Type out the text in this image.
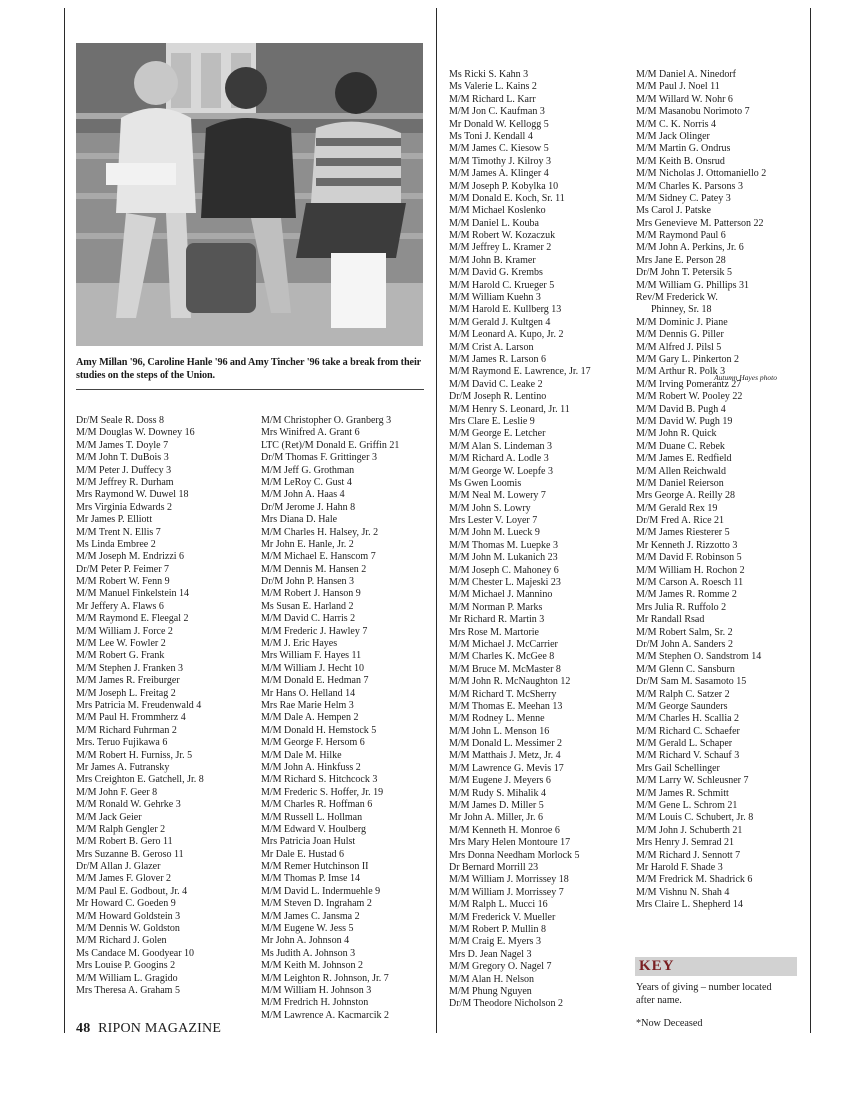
Amy Millan '96, Caroline Hanle '96 and Amy Tincher '96 take a break from their studies on the steps of the Union.	Autumn Hayes photo
Dr/M Seale R. Doss 8
M/M Douglas W. Downey 16
M/M James T. Doyle 7
M/M John T. DuBois 3
M/M Peter J. Duffecy 3
M/M Jeffrey R. Durham
Mrs Raymond W. Duwel 18
Mrs Virginia Edwards 2
Mr James P. Elliott
M/M Trent N. Ellis 7
Ms Linda Embree 2
M/M Joseph M. Endrizzi 6
Dr/M Peter P. Feimer 7
M/M Robert W. Fenn 9
M/M Manuel Finkelstein 14
Mr Jeffery A. Flaws 6
M/M Raymond E. Fleegal 2
M/M William J. Force 2
M/M Lee W. Fowler 2
M/M Robert G. Frank
M/M Stephen J. Franken 3
M/M James R. Freiburger
M/M Joseph L. Freitag 2
Mrs Patricia M. Freudenwald 4
M/M Paul H. Frommherz 4
M/M Richard Fuhrman 2
Mrs. Teruo Fujikawa 6
M/M Robert H. Furniss, Jr. 5
Mr James A. Futransky
Mrs Creighton E. Gatchell, Jr. 8
M/M John F. Geer 8
M/M Ronald W. Gehrke 3
M/M Jack Geier
M/M Ralph Gengler 2
M/M Robert B. Gero 11
Mrs Suzanne B. Geroso 11
Dr/M Allan J. Glazer
M/M James F. Glover 2
M/M Paul E. Godbout, Jr. 4
Mr Howard C. Goeden 9
M/M Howard Goldstein 3
M/M Dennis W. Goldston
M/M Richard J. Golen
Ms Candace M. Goodyear 10
Mrs Louise P. Googins 2
M/M William L. Gragido
Mrs Theresa A. Graham 5
M/M Christopher O. Granberg 3
Mrs Winifred A. Grant 6
LTC (Ret)/M Donald E. Griffin 21
Dr/M Thomas F. Grittinger 3
M/M Jeff G. Grothman
M/M LeRoy C. Gust 4
M/M John A. Haas 4
Dr/M Jerome J. Hahn 8
Mrs Diana D. Hale
M/M Charles H. Halsey, Jr. 2
Mr John E. Hanle, Jr. 2
M/M Michael E. Hanscom 7
M/M Dennis M. Hansen 2
Dr/M John P. Hansen 3
M/M Robert J. Hanson 9
Ms Susan E. Harland 2
M/M David C. Harris 2
M/M Frederic J. Hawley 7
M/M J. Eric Hayes
Mrs William F. Hayes 11
M/M William J. Hecht 10
M/M Donald E. Hedman 7
Mr Hans O. Helland 14
Mrs Rae Marie Helm 3
M/M Dale A. Hempen 2
M/M Donald H. Hemstock 5
M/M George F. Hersom 6
M/M Dale M. Hilke
M/M John A. Hinkfuss 2
M/M Richard S. Hitchcock 3
M/M Frederic S. Hoffer, Jr. 19
M/M Charles R. Hoffman 6
M/M Russell L. Hollman
M/M Edward V. Houlberg
Mrs Patricia Joan Hulst
Mr Dale E. Hustad 6
M/M Remer Hutchinson II
M/M Thomas P. Imse 14
M/M David L. Indermuehle 9
M/M Steven D. Ingraham 2
M/M James C. Jansma 2
M/M Eugene W. Jess 5
Mr John A. Johnson 4
Ms Judith A. Johnson 3
M/M Keith M. Johnson 2
M/M Leighton R. Johnson, Jr. 7
M/M William H. Johnson 3
M/M Fredrich H. Johnston
M/M Lawrence A. Kacmarcik 2
Ms Ricki S. Kahn 3
Ms Valerie L. Kains 2
M/M Richard L. Karr
M/M Jon C. Kaufman 3
Mr Donald W. Kellogg 5
Ms Toni J. Kendall 4
M/M James C. Kiesow 5
M/M Timothy J. Kilroy 3
M/M James A. Klinger 4
M/M Joseph P. Kobylka 10
M/M Donald E. Koch, Sr. 11
M/M Michael Koslenko
M/M Daniel L. Kouba
M/M Robert W. Kozaczuk
M/M Jeffrey L. Kramer 2
M/M John B. Kramer
M/M David G. Krembs
M/M Harold C. Krueger 5
M/M William Kuehn 3
M/M Harold E. Kullberg 13
M/M Gerald J. Kultgen 4
M/M Leonard A. Kupo, Jr. 2
M/M Crist A. Larson
M/M James R. Larson 6
M/M Raymond E. Lawrence, Jr. 17
M/M David C. Leake 2
Dr/M Joseph R. Lentino
M/M Henry S. Leonard, Jr. 11
Mrs Clare E. Leslie 9
M/M George E. Letcher
M/M Alan S. Lindeman 3
M/M Richard A. Lodle 3
M/M George W. Loepfe 3
Ms Gwen Loomis
M/M Neal M. Lowery 7
M/M John S. Lowry
Mrs Lester V. Loyer 7
M/M John M. Lueck 9
M/M Thomas M. Luepke 3
M/M John M. Lukanich 23
M/M Joseph C. Mahoney 6
M/M Chester L. Majeski 23
M/M Michael J. Mannino
M/M Norman P. Marks
Mr Richard R. Martin 3
Mrs Rose M. Martorie
M/M Michael J. McCarrier
M/M Charles K. McGee 8
M/M Bruce M. McMaster 8
M/M John R. McNaughton 12
M/M Richard T. McSherry
M/M Thomas E. Meehan 13
M/M Rodney L. Menne
M/M John L. Menson 16
M/M Donald L. Messimer 2
M/M Matthais J. Metz, Jr. 4
M/M Lawrence G. Mevis 17
M/M Eugene J. Meyers 6
M/M Rudy S. Mihalik 4
M/M James D. Miller 5
Mr John A. Miller, Jr. 6
M/M Kenneth H. Monroe 6
Mrs Mary Helen Montoure 17
Mrs Donna Needham Morlock 5
Dr Bernard Morrill 23
M/M William J. Morrissey 18
M/M William J. Morrissey 7
M/M Ralph L. Mucci 16
M/M Frederick V. Mueller
M/M Robert P. Mullin 8
M/M Craig E. Myers 3
Mrs D. Jean Nagel 3
M/M Gregory O. Nagel 7
M/M Alan H. Nelson
M/M Phung Nguyen
Dr/M Theodore Nicholson 2
M/M Daniel A. Ninedorf
M/M Paul J. Noel 11
M/M Willard W. Nohr 6
M/M Masanobu Norimoto 7
M/M C. K. Norris 4
M/M Jack Olinger
M/M Martin G. Ondrus
M/M Keith B. Onsrud
M/M Nicholas J. Ottomaniello 2
M/M Charles K. Parsons 3
M/M Sidney C. Patey 3
Ms Carol J. Patske
Mrs Genevieve M. Patterson 22
M/M Raymond Paul 6
M/M John A. Perkins, Jr. 6
Mrs Jane E. Person 28
Dr/M John T. Petersik 5
M/M William G. Phillips 31
Rev/M Frederick W.
Phinney, Sr. 18
M/M Dominic J. Piane
M/M Dennis G. Piller
M/M Alfred J. Pilsl 5
M/M Gary L. Pinkerton 2
M/M Arthur R. Polk 3
M/M Irving Pomerantz 27
M/M Robert W. Pooley 22
M/M David B. Pugh 4
M/M David W. Pugh 19
M/M John R. Quick
M/M Duane C. Rebek
M/M James E. Redfield
M/M Allen Reichwald
M/M Daniel Reierson
Mrs George A. Reilly 28
M/M Gerald Rex 19
Dr/M Fred A. Rice 21
M/M James Riesterer 5
Mr Kenneth J. Rizzotto 3
M/M David F. Robinson 5
M/M William H. Rochon 2
M/M Carson A. Roesch 11
M/M James R. Romme 2
Mrs Julia R. Ruffolo 2
Mr Randall Rsad
M/M Robert Salm, Sr. 2
Dr/M John A. Sanders 2
M/M Stephen O. Sandstrom 14
M/M Glenn C. Sansburn
Dr/M Sam M. Sasamoto 15
M/M Ralph C. Satzer 2
M/M George Saunders
M/M Charles H. Scallia 2
M/M Richard C. Schaefer
M/M Gerald L. Schaper
M/M Richard V. Schauf 3
Mrs Gail Schellinger
M/M Larry W. Schleusner 7
M/M James R. Schmitt
M/M Gene L. Schrom 21
M/M Louis C. Schubert, Jr. 8
M/M John J. Schuberth 21
Mrs Henry J. Semrad 21
M/M Richard J. Sennott 7
Mr Harold F. Shade 3
M/M Fredrick M. Shadrick 6
M/M Vishnu N. Shah 4
Mrs Claire L. Shepherd 14
KEY
Years of giving – number located after name.
*Now Deceased
48 RIPON MAGAZINE
